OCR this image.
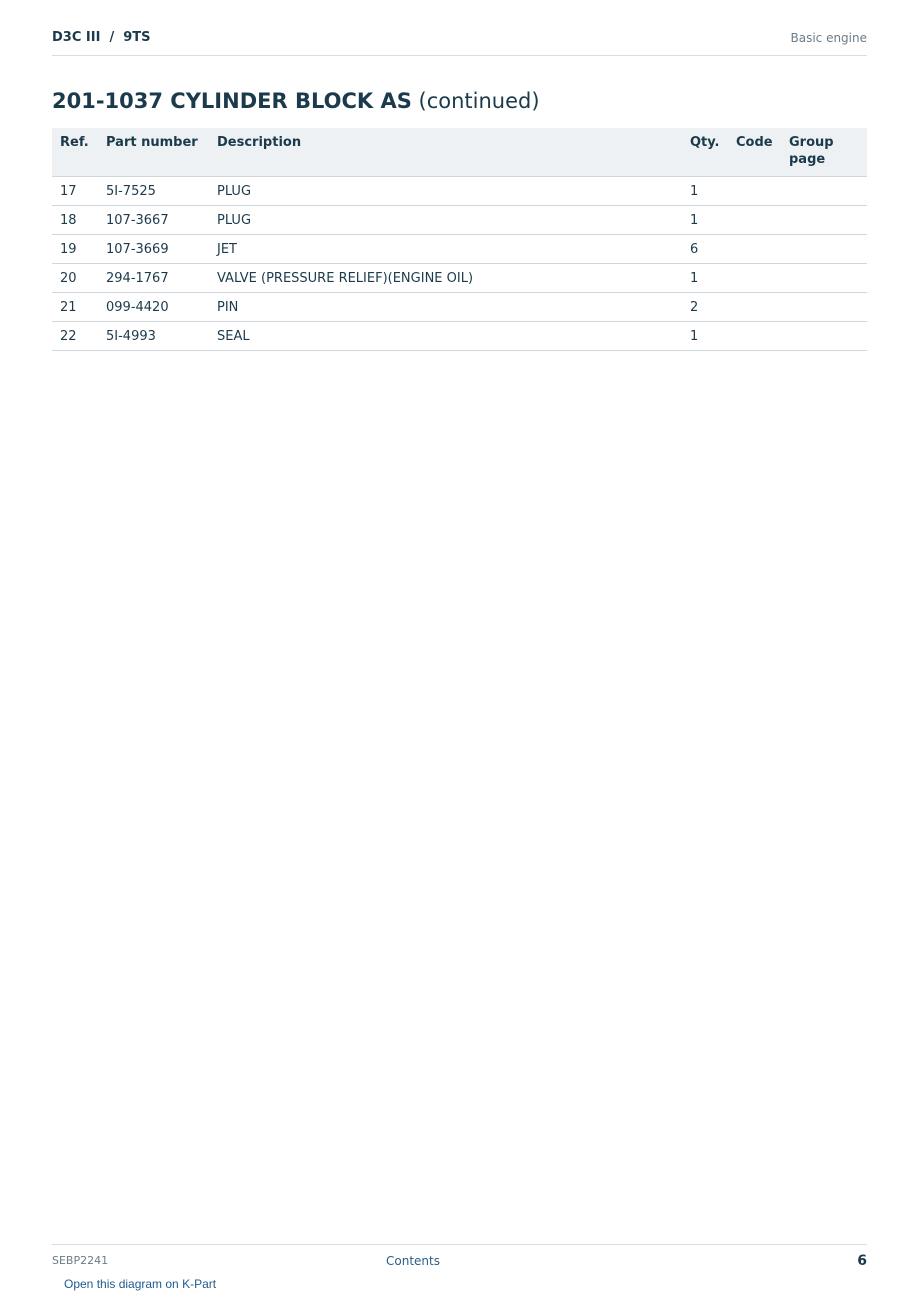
D3C III  /  9TS	Basic engine
201-1037 CYLINDER BLOCK AS (continued)
Ref.	Part number	Description	Qty.	Code	Group page
17	5I-7525	PLUG	1		
18	107-3667	PLUG	1		
19	107-3669	JET	6		
20	294-1767	VALVE (PRESSURE RELIEF)(ENGINE OIL)	1		
21	099-4420	PIN	2		
22	5I-4993	SEAL	1		
SEBP2241	Contents	6
Open this diagram on K-Part
